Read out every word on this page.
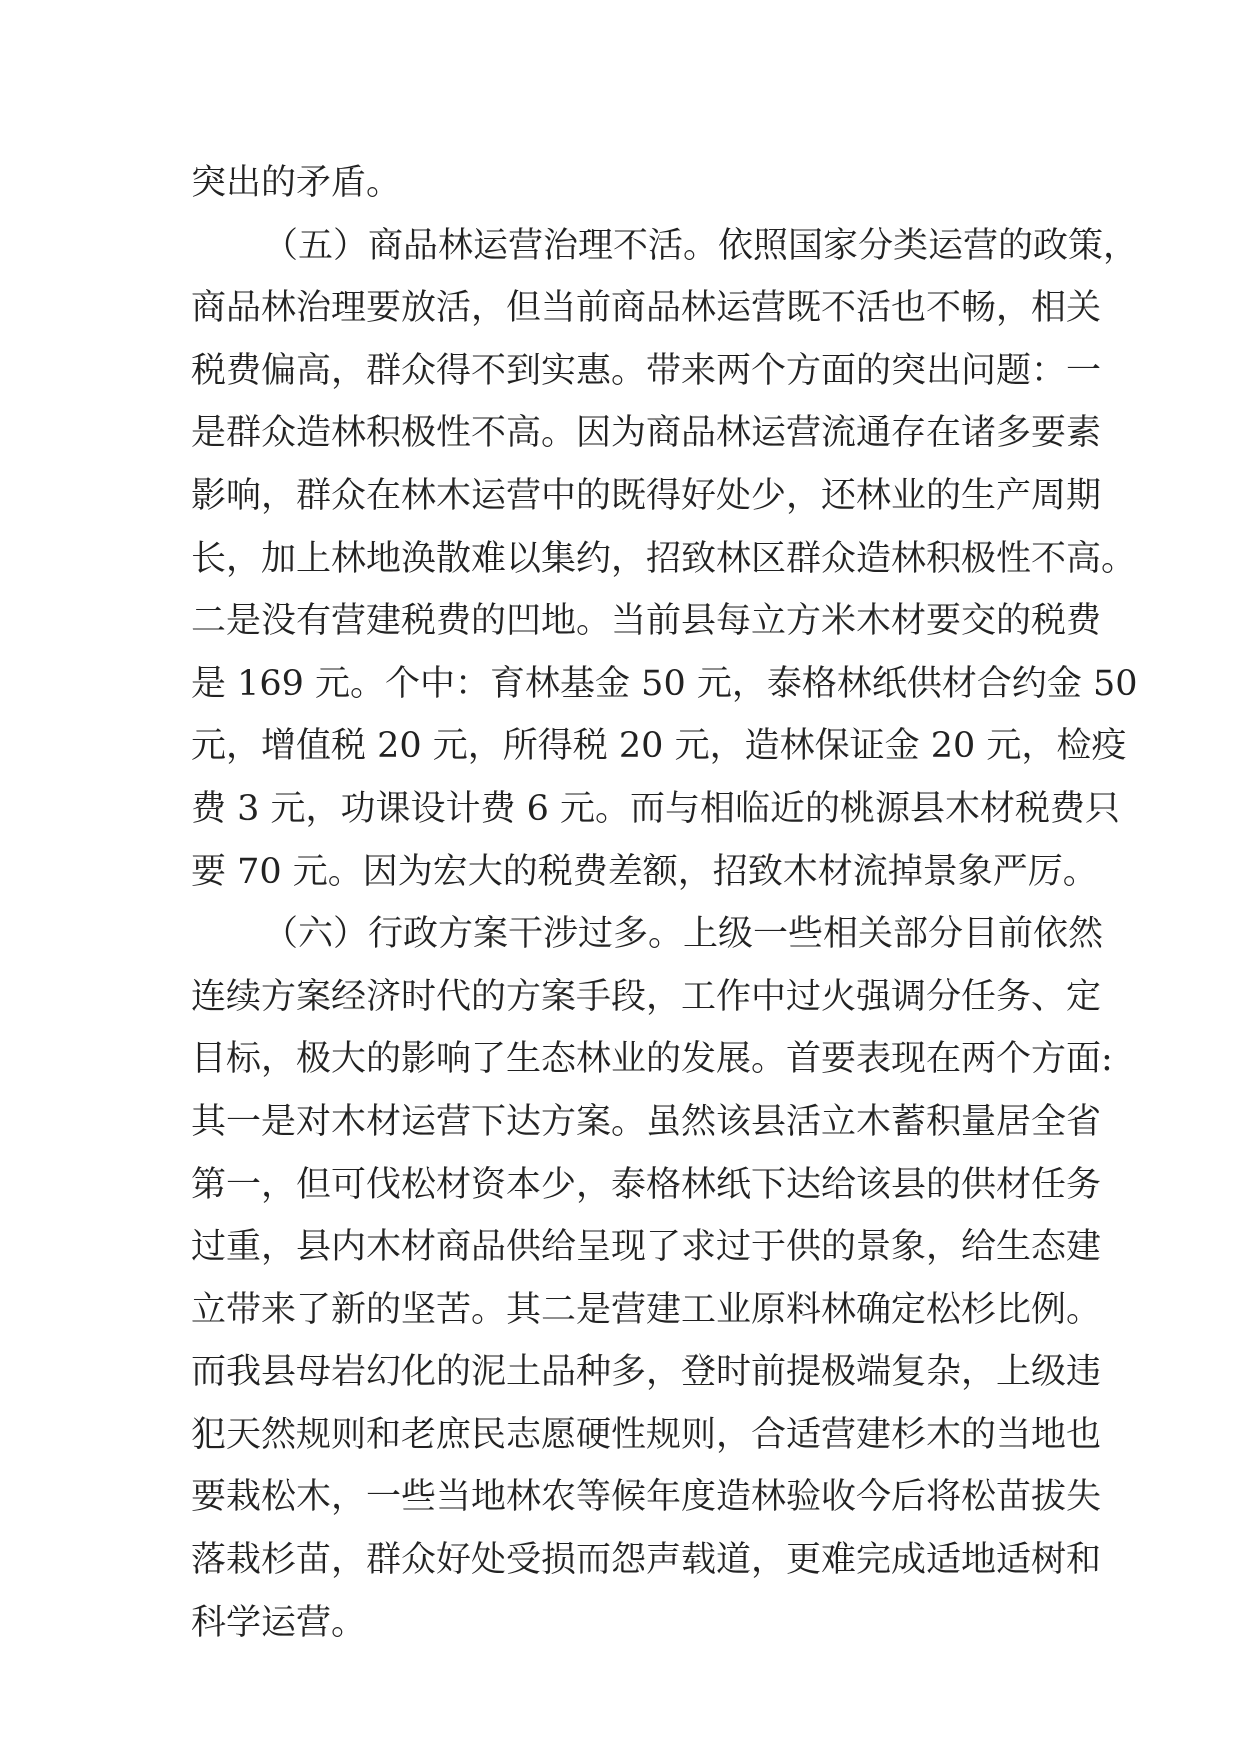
突出的矛盾。
（五）商品林运营治理不活。依照国家分类运营的政策，
商品林治理要放活，但当前商品林运营既不活也不畅，相关
税费偏高，群众得不到实惠。带来两个方面的突出问题：一
是群众造林积极性不高。因为商品林运营流通存在诸多要素
影响，群众在林木运营中的既得好处少，还林业的生产周期
长，加上林地涣散难以集约，招致林区群众造林积极性不高。
二是没有营建税费的凹地。当前县每立方米木材要交的税费
是 169 元。个中：育林基金 50 元，泰格林纸供材合约金 50
元，增值税 20 元，所得税 20 元，造林保证金 20 元，检疫
费 3 元，功课设计费 6 元。而与相临近的桃源县木材税费只
要 70 元。因为宏大的税费差额，招致木材流掉景象严厉。
（六）行政方案干涉过多。上级一些相关部分目前依然
连续方案经济时代的方案手段，工作中过火强调分任务、定
目标，极大的影响了生态林业的发展。首要表现在两个方面:
其一是对木材运营下达方案。虽然该县活立木蓄积量居全省
第一，但可伐松材资本少，泰格林纸下达给该县的供材任务
过重，县内木材商品供给呈现了求过于供的景象，给生态建
立带来了新的坚苦。其二是营建工业原料林确定松杉比例。
而我县母岩幻化的泥土品种多，登时前提极端复杂，上级违
犯天然规则和老庶民志愿硬性规则，合适营建杉木的当地也
要栽松木，一些当地林农等候年度造林验收今后将松苗拔失
落栽杉苗，群众好处受损而怨声载道，更难完成适地适树和
科学运营。
